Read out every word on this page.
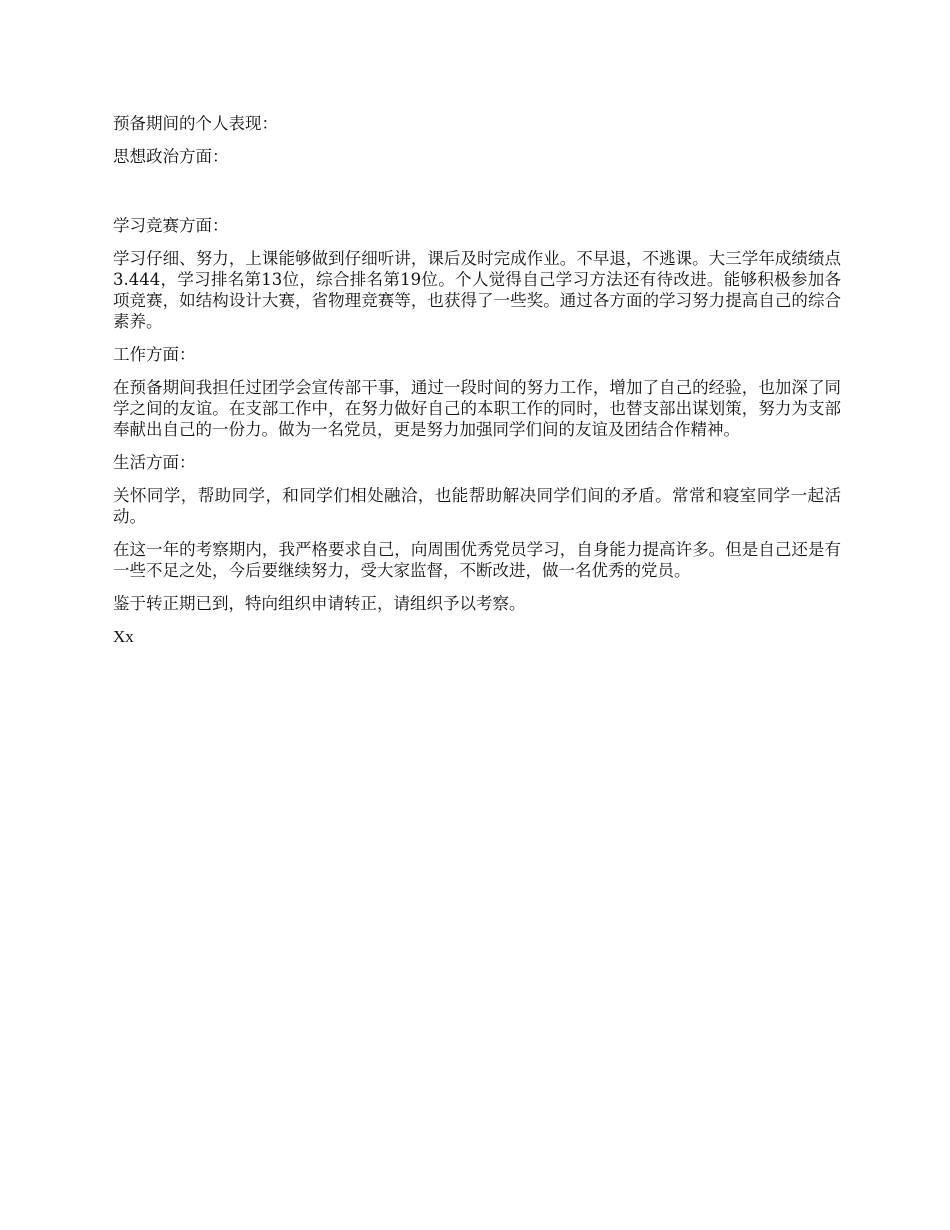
预备期间的个人表现：

思想政治方面：

学习竞赛方面：

学习仔细、努力，上课能够做到仔细听讲，课后及时完成作业。不早退，不逃课。大三学年成绩绩点3.444，学习排名第13位，综合排名第19位。个人觉得自己学习方法还有待改进。能够积极参加各项竞赛，如结构设计大赛，省物理竞赛等，也获得了一些奖。通过各方面的学习努力提高自己的综合素养。

工作方面：

在预备期间我担任过团学会宣传部干事，通过一段时间的努力工作，增加了自己的经验，也加深了同学之间的友谊。在支部工作中，在努力做好自己的本职工作的同时，也替支部出谋划策，努力为支部奉献出自己的一份力。做为一名党员，更是努力加强同学们间的友谊及团结合作精神。

生活方面：

关怀同学，帮助同学，和同学们相处融洽，也能帮助解决同学们间的矛盾。常常和寝室同学一起活动。

在这一年的考察期内，我严格要求自己，向周围优秀党员学习，自身能力提高许多。但是自己还是有一些不足之处，今后要继续努力，受大家监督，不断改进，做一名优秀的党员。

鉴于转正期已到，特向组织申请转正，请组织予以考察。

Xx
